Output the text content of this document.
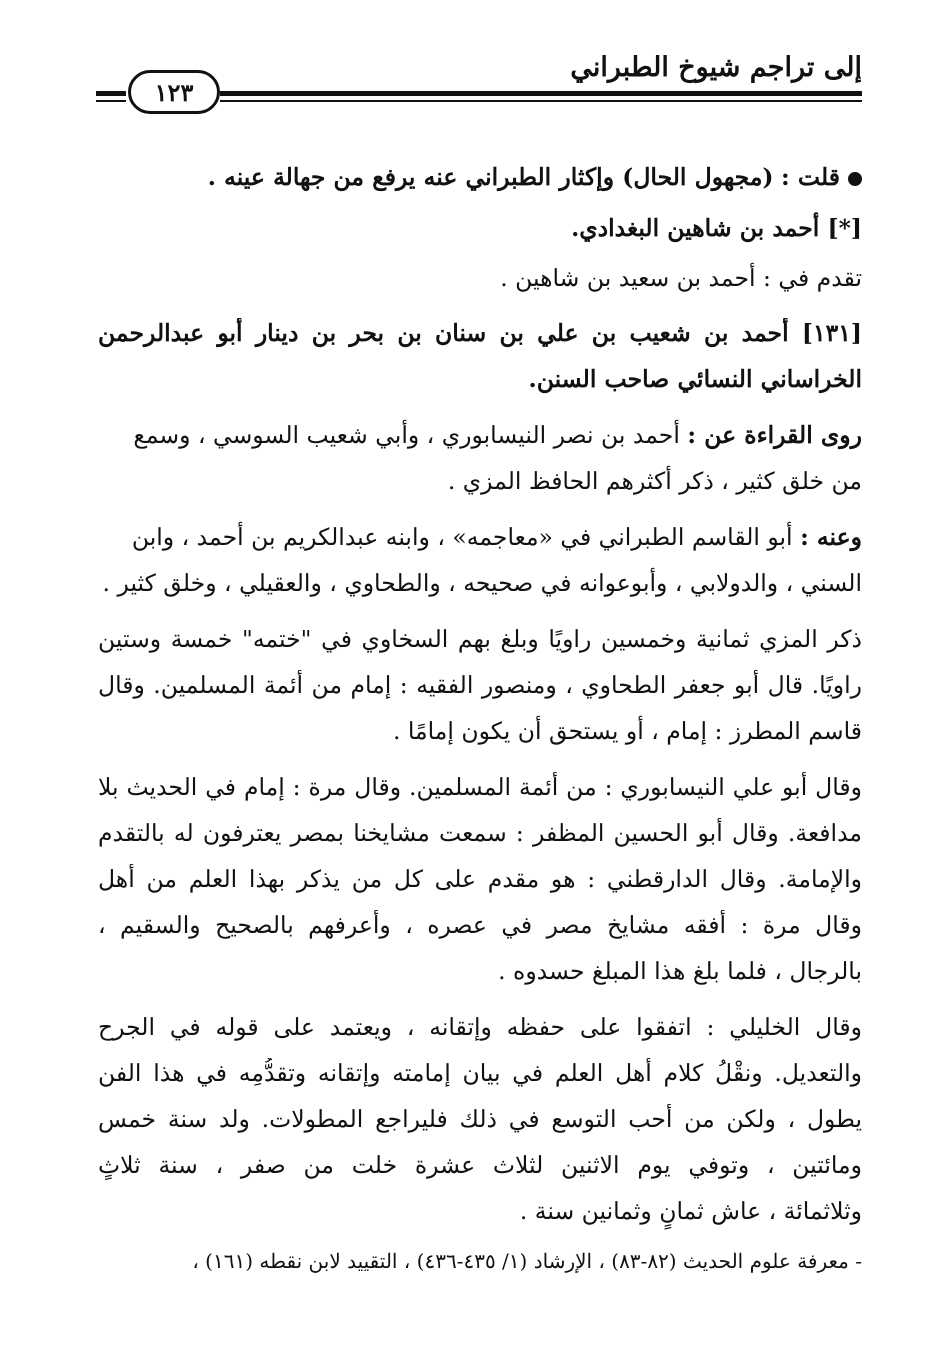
إلى تراجم شيوخ الطبراني
١٢٣
قلت : (مجهول الحال) وإكثار الطبراني عنه يرفع من جهالة عينه .
[*] أحمد بن شاهين البغدادي.
تقدم في : أحمد بن سعيد بن شاهين .
[١٣١] أحمد بن شعيب بن علي بن سنان بن بحر بن دينار أبو عبدالرحمن
الخراساني النسائي صاحب السنن.
روى القراءة عن : أحمد بن نصر النيسابوري ، وأبي شعيب السوسي ، وسمع
من خلق كثير ، ذكر أكثرهم الحافظ المزي .
وعنه : أبو القاسم الطبراني في «معاجمه» ، وابنه عبدالكريم بن أحمد ، وابن
السني ، والدولابي ، وأبوعوانه في صحيحه ، والطحاوي ، والعقيلي ، وخلق كثير .
ذكر المزي ثمانية وخمسين راويًا وبلغ بهم السخاوي في "ختمه" خمسة وستين
راويًا. قال أبو جعفر الطحاوي ، ومنصور الفقيه : إمام من أئمة المسلمين. وقال
قاسم المطرز : إمام ، أو يستحق أن يكون إمامًا .
وقال أبو علي النيسابوري : من أئمة المسلمين. وقال مرة : إمام في الحديث بلا
مدافعة. وقال أبو الحسين المظفر : سمعت مشايخنا بمصر يعترفون له بالتقدم
والإمامة. وقال الدارقطني : هو مقدم على كل من يذكر بهذا العلم من أهل
وقال مرة : أفقه مشايخ مصر في عصره ، وأعرفهم بالصحيح والسقيم ،
بالرجال ، فلما بلغ هذا المبلغ حسدوه .
وقال الخليلي : اتفقوا على حفظه وإتقانه ، ويعتمد على قوله في الجرح
والتعديل. ونقْلُ كلام أهل العلم في بيان إمامته وإتقانه وتقدُّمِه في هذا الفن
يطول ، ولكن من أحب التوسع في ذلك فليراجع المطولات. ولد سنة خمس
ومائتين ، وتوفي يوم الاثنين لثلاث عشرة خلت من صفر ، سنة ثلاثٍ
وثلاثمائة ، عاش ثمانٍ وثمانين سنة .
- معرفة علوم الحديث (٨٢-٨٣) ، الإرشاد (١/ ٤٣٥-٤٣٦) ، التقييد لابن نقطه (١٦١) ،
